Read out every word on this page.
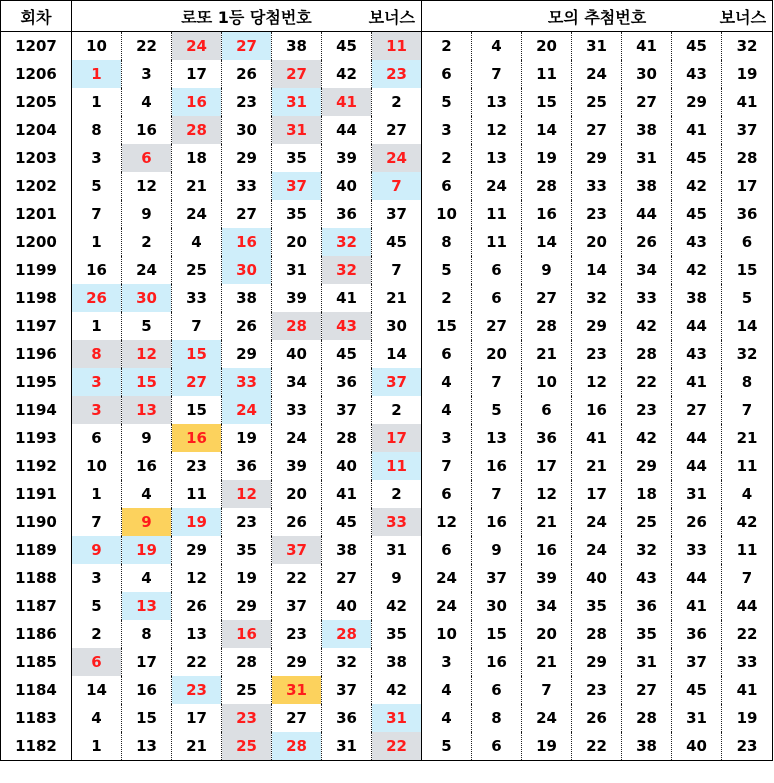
회차	로또 1등 당첨번호 보너스							모의 추첨번호 보너스						

1207	10	22	24	27	38	45	11	2	4	20	31	41	45	32
1206	1	3	17	26	27	42	23	6	7	11	24	30	43	19
1205	1	4	16	23	31	41	2	5	13	15	25	27	29	41
1204	8	16	28	30	31	44	27	3	12	14	27	38	41	37
1203	3	6	18	29	35	39	24	2	13	19	29	31	45	28
1202	5	12	21	33	37	40	7	6	24	28	33	38	42	17
1201	7	9	24	27	35	36	37	10	11	16	23	44	45	36
1200	1	2	4	16	20	32	45	8	11	14	20	26	43	6
1199	16	24	25	30	31	32	7	5	6	9	14	34	42	15
1198	26	30	33	38	39	41	21	2	6	27	32	33	38	5
1197	1	5	7	26	28	43	30	15	27	28	29	42	44	14
1196	8	12	15	29	40	45	14	6	20	21	23	28	43	32
1195	3	15	27	33	34	36	37	4	7	10	12	22	41	8
1194	3	13	15	24	33	37	2	4	5	6	16	23	27	7
1193	6	9	16	19	24	28	17	3	13	36	41	42	44	21
1192	10	16	23	36	39	40	11	7	16	17	21	29	44	11
1191	1	4	11	12	20	41	2	6	7	12	17	18	31	4
1190	7	9	19	23	26	45	33	12	16	21	24	25	26	42
1189	9	19	29	35	37	38	31	6	9	16	24	32	33	11
1188	3	4	12	19	22	27	9	24	37	39	40	43	44	7
1187	5	13	26	29	37	40	42	24	30	34	35	36	41	44
1186	2	8	13	16	23	28	35	10	15	20	28	35	36	22
1185	6	17	22	28	29	32	38	3	16	21	29	31	37	33
1184	14	16	23	25	31	37	42	4	6	7	23	27	45	41
1183	4	15	17	23	27	36	31	4	8	24	26	28	31	19
1182	1	13	21	25	28	31	22	5	6	19	22	38	40	23
